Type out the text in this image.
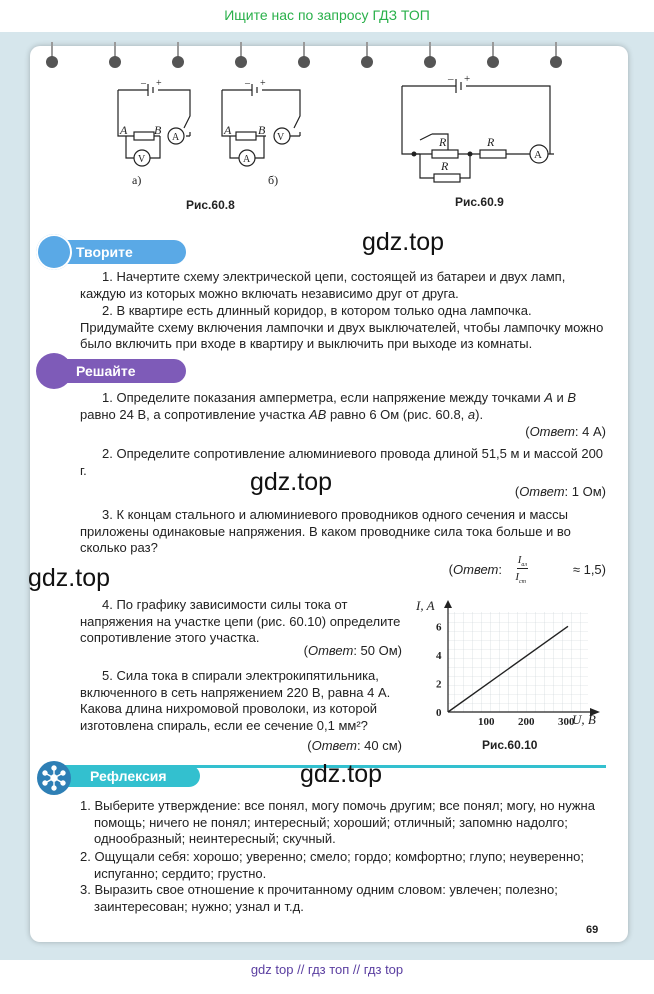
Ищите нас по запросу ГДЗ ТОП
A B	A B
A
V
V
A
– +	– +
а)	б)
Рис.60.8
R	R
R
A
– +
Рис.60.9
Творите	gdz.top
1. Начертите схему электрической цепи, состоящей из батареи и двух ламп, каждую из которых можно включать независимо друг от друга.
2. В квартире есть длинный коридор, в котором только одна лампочка. Придумайте схему включения лампочки и двух выключателей, чтобы лампочку можно было включить при входе в квартиру и выключить при выходе из комнаты.
Решайте
1. Определите показания амперметра, если напряжение между точками A и B равно 24 В, а сопротивление участка AB равно 6 Ом (рис. 60.8, а).
(Ответ: 4 А)
2. Определите сопротивление алюминиевого провода длиной 51,5 м и массой 200 г.	gdz.top	(Ответ: 1 Ом)
3. К концам стального и алюминиевого проводников одного сечения и массы приложены одинаковые напряжения. В каком проводнике сила тока больше и во сколько раз?
gdz.top	(Ответ:
$I_{ал}$
$I_{ст}$
≈ 1,5)
4. По графику зависимости силы тока от напряжения на участке цепи (рис. 60.10) определите сопротивление этого участка.
(Ответ: 50 Ом)
5. Сила тока в спирали электрокипятильника, включенного в сеть напряжением 220 В, равна 4 А. Какова длина нихромовой проволоки, из которой изготовлена спираль, если ее сечение 0,1 мм²?
(Ответ: 40 см)
I, A
U, В
6
4
2
0
100 200 300
Рис.60.10
Рефлексия	gdz.top
1. Выберите утверждение: все понял, могу помочь другим; все понял; могу, но нужна помощь; ничего не понял; интересный; хороший; отличный; запомню надолго; однообразный; неинтересный; скучный.
2. Ощущали себя: хорошо; уверенно; смело; гордо; комфортно; глупо; неуверенно; испуганно; сердито; грустно.
3. Выразить свое отношение к прочитанному одним словом: увлечен; полезно; заинтересован; нужно; узнал и т.д.
69
gdz top // гдз топ // гдз top
